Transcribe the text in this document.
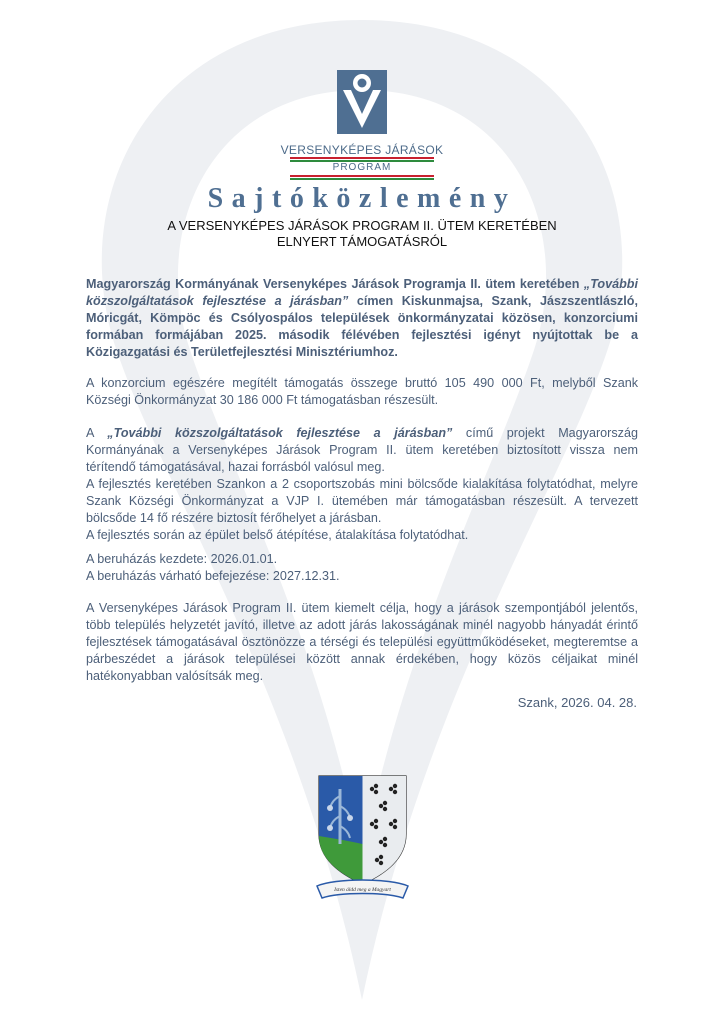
VERSENYKÉPES JÁRÁSOK
PROGRAM
Sajtóközlemény
A VERSENYKÉPES JÁRÁSOK PROGRAM II. ÜTEM KERETÉBEN
ELNYERT TÁMOGATÁSRÓL

Magyarország Kormányának Versenyképes Járások Programja II. ütem keretében „További közszolgáltatások fejlesztése a járásban” címen Kiskunmajsa, Szank, Jászszentlászló, Móricgát, Kömpöc és Csólyospálos települések önkormányzatai közösen, konzorciumi formában formájában 2025. második félévében fejlesztési igényt nyújtottak be a Közigazgatási és Területfejlesztési Minisztériumhoz.

A konzorcium egészére megítélt támogatás összege bruttó 105 490 000 Ft, melyből Szank Községi Önkormányzat 30 186 000 Ft támogatásban részesült.

A „További közszolgáltatások fejlesztése a járásban” című projekt Magyarország Kormányának a Versenyképes Járások Program II. ütem keretében biztosított vissza nem térítendő támogatásával, hazai forrásból valósul meg.

A fejlesztés keretében Szankon a 2 csoportszobás mini bölcsőde kialakítása folytatódhat, melyre Szank Községi Önkormányzat a VJP I. ütemében már támogatásban részesült. A tervezett bölcsőde 14 fő részére biztosít férőhelyet a járásban.

A fejlesztés során az épület belső átépítése, átalakítása folytatódhat.

A beruházás kezdete: 2026.01.01.

A beruházás várható befejezése: 2027.12.31.

A Versenyképes Járások Program II. ütem kiemelt célja, hogy a járások szempontjából jelentős, több település helyzetét javító, illetve az adott járás lakosságának minél nagyobb hányadát érintő fejlesztések támogatásával ösztönözze a térségi és települési együttműködéseket, megteremtse a párbeszédet a járások települései között annak érdekében, hogy közös céljaikat minél hatékonyabban valósítsák meg.

Szank, 2026. 04. 28.
Isten áldd meg a Magyart
